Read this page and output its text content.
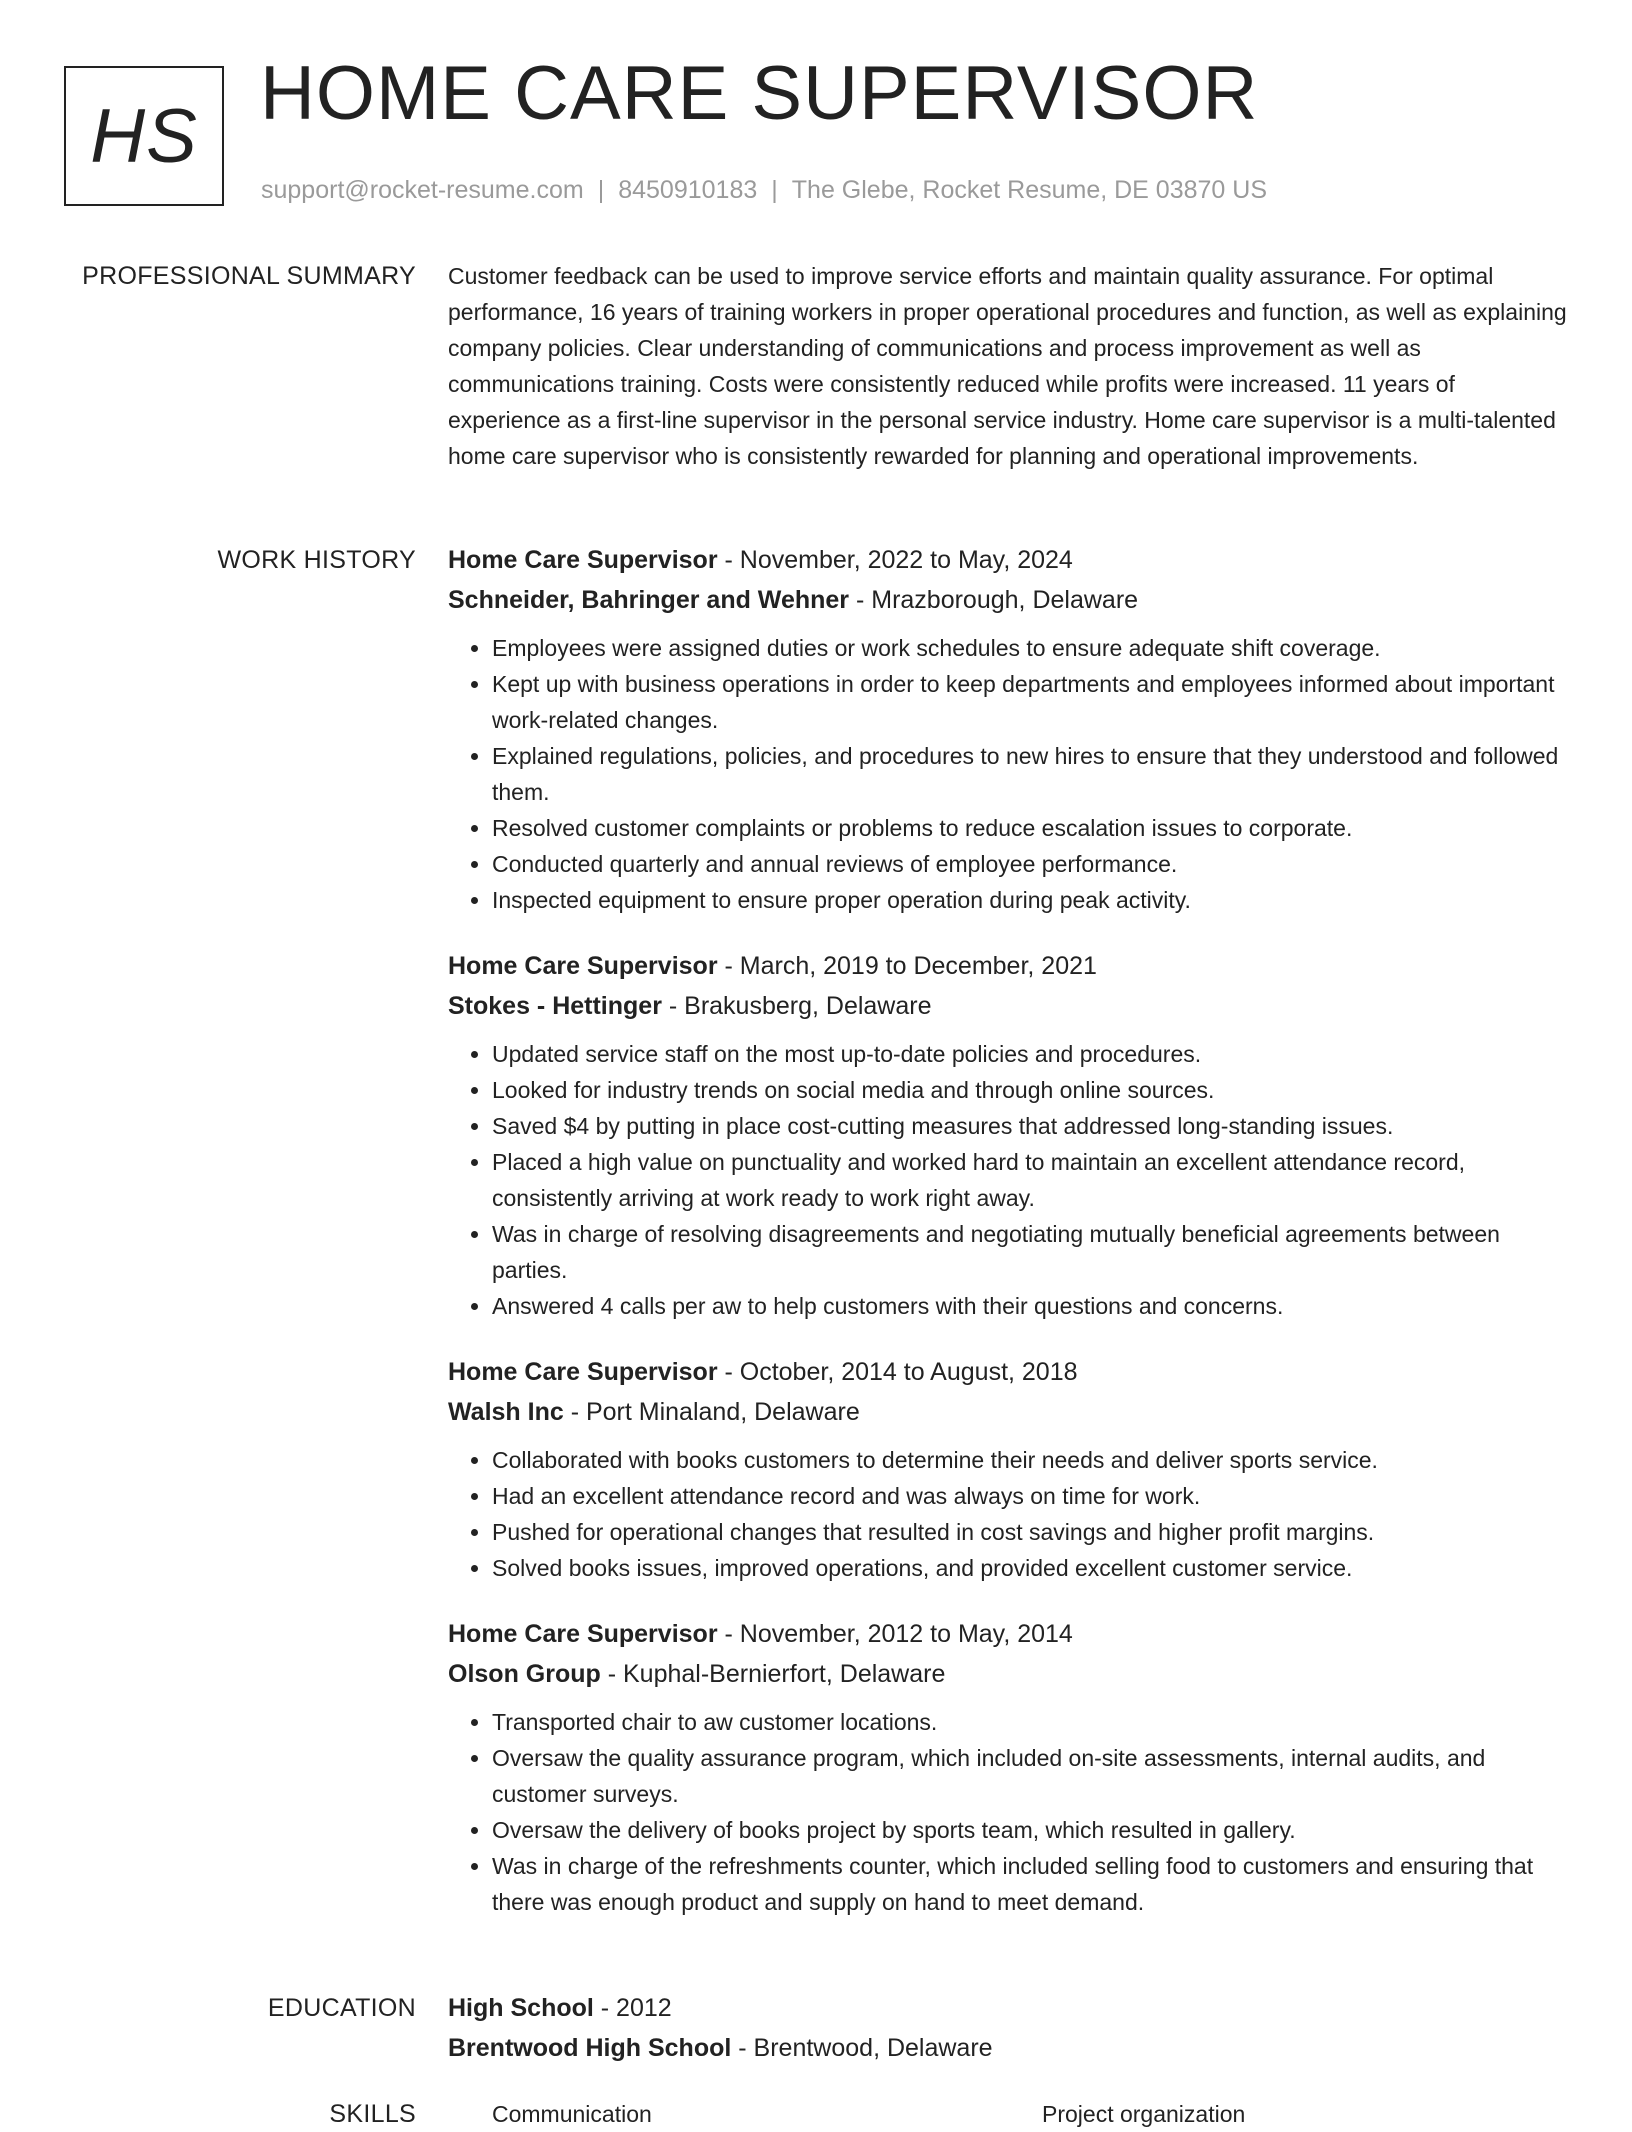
HS HOME CARE SUPERVISOR
support@rocket-resume.com | 8450910183 | The Glebe, Rocket Resume, DE 03870 US
PROFESSIONAL SUMMARY Customer feedback can be used to improve service efforts and maintain quality assurance. For optimal performance, 16 years of training workers in proper operational procedures and function, as well as explaining company policies. Clear understanding of communications and process improvement as well as communications training. Costs were consistently reduced while profits were increased. 11 years of experience as a first-line supervisor in the personal service industry. Home care supervisor is a multi-talented home care supervisor who is consistently rewarded for planning and operational improvements.

WORK HISTORY Home Care Supervisor - November, 2022 to May, 2024
Schneider, Bahringer and Wehner - Mrazborough, Delaware
• Employees were assigned duties or work schedules to ensure adequate shift coverage.
• Kept up with business operations in order to keep departments and employees informed about important work-related changes.
• Explained regulations, policies, and procedures to new hires to ensure that they understood and followed them.
• Resolved customer complaints or problems to reduce escalation issues to corporate.
• Conducted quarterly and annual reviews of employee performance.
• Inspected equipment to ensure proper operation during peak activity.
Home Care Supervisor - March, 2019 to December, 2021
Stokes - Hettinger - Brakusberg, Delaware
• Updated service staff on the most up-to-date policies and procedures.
• Looked for industry trends on social media and through online sources.
• Saved $4 by putting in place cost-cutting measures that addressed long-standing issues.
• Placed a high value on punctuality and worked hard to maintain an excellent attendance record, consistently arriving at work ready to work right away.
• Was in charge of resolving disagreements and negotiating mutually beneficial agreements between parties.
• Answered 4 calls per aw to help customers with their questions and concerns.
Home Care Supervisor - October, 2014 to August, 2018
Walsh Inc - Port Minaland, Delaware
• Collaborated with books customers to determine their needs and deliver sports service.
• Had an excellent attendance record and was always on time for work.
• Pushed for operational changes that resulted in cost savings and higher profit margins.
• Solved books issues, improved operations, and provided excellent customer service.
Home Care Supervisor - November, 2012 to May, 2014
Olson Group - Kuphal-Bernierfort, Delaware
• Transported chair to aw customer locations.
• Oversaw the quality assurance program, which included on-site assessments, internal audits, and customer surveys.
• Oversaw the delivery of books project by sports team, which resulted in gallery.
• Was in charge of the refreshments counter, which included selling food to customers and ensuring that there was enough product and supply on hand to meet demand.
EDUCATION High School - 2012
Brentwood High School - Brentwood, Delaware
SKILLS	Communication	Project organization
